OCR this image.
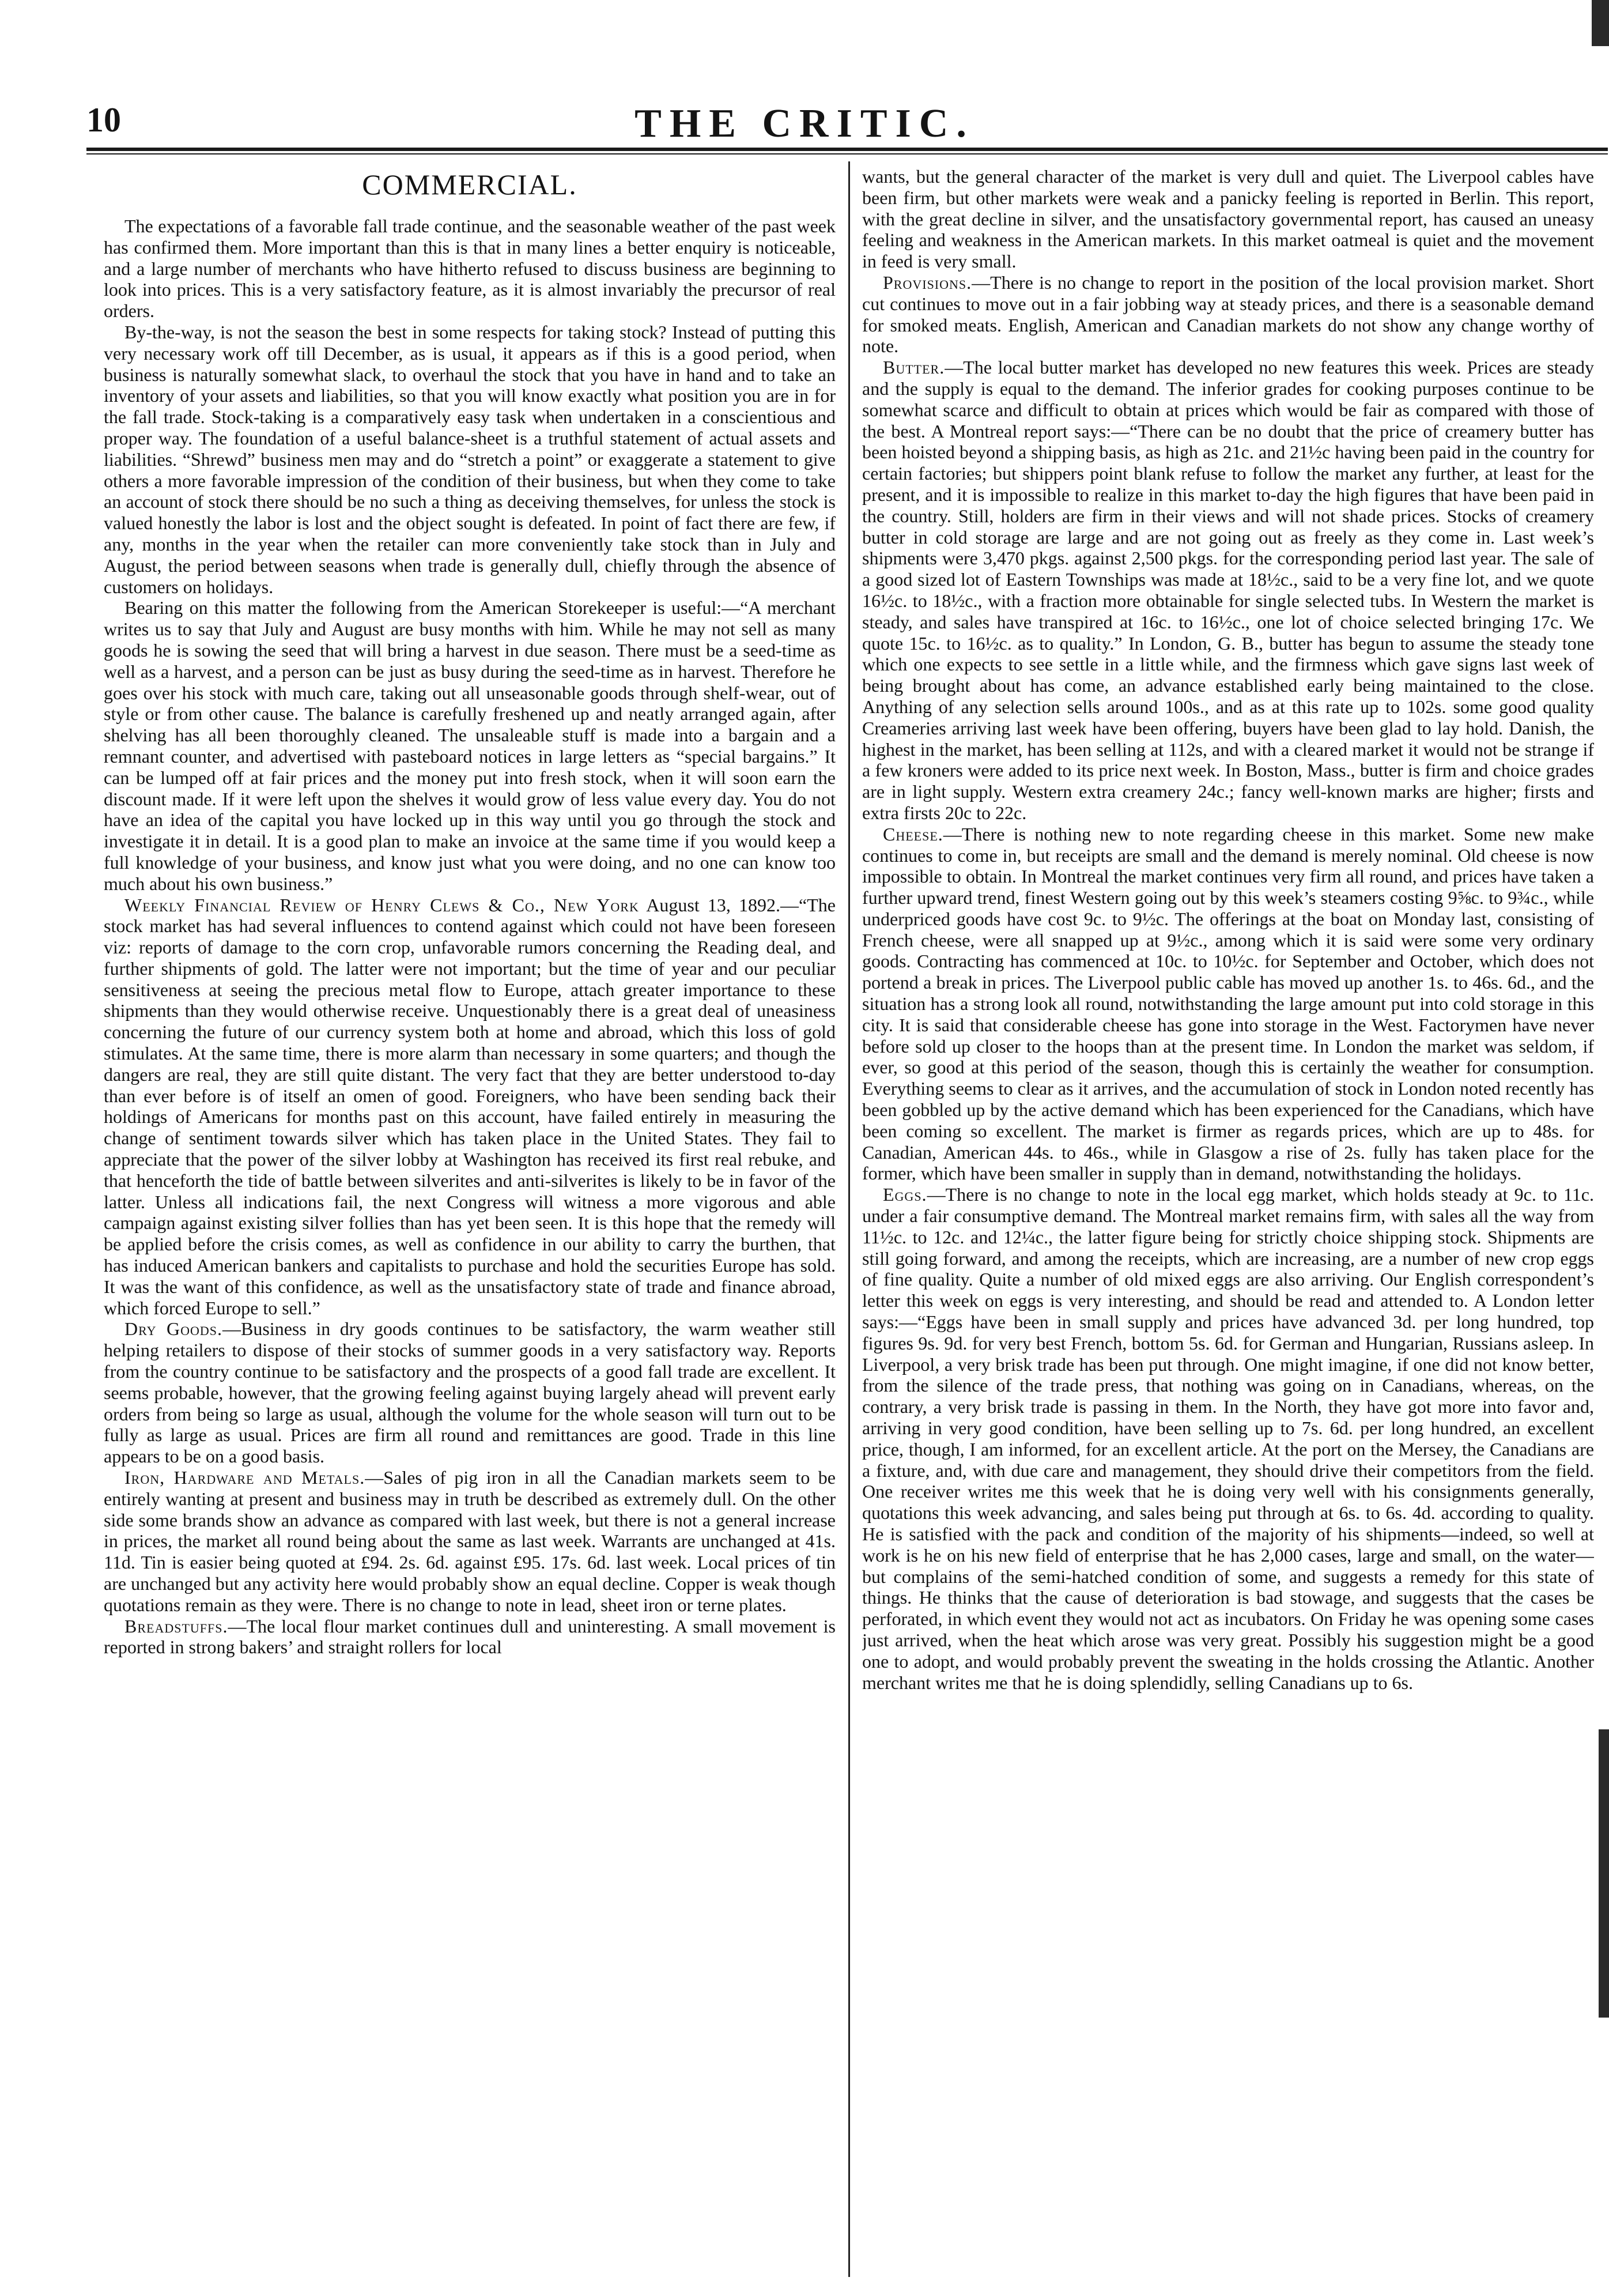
10	THE CRITIC.
COMMERCIAL.

The expectations of a favorable fall trade continue, and the seasonable weather of the past week has confirmed them. More important than this is that in many lines a better enquiry is noticeable, and a large number of merchants who have hitherto refused to discuss business are beginning to look into prices. This is a very satisfactory feature, as it is almost invariably the precursor of real orders.

By-the-way, is not the season the best in some respects for taking stock? Instead of putting this very necessary work off till December, as is usual, it appears as if this is a good period, when business is naturally somewhat slack, to overhaul the stock that you have in hand and to take an inventory of your assets and liabilities, so that you will know exactly what position you are in for the fall trade. Stock-taking is a comparatively easy task when undertaken in a conscientious and proper way. The foundation of a useful balance-sheet is a truthful statement of actual assets and liabilities. “Shrewd” business men may and do “stretch a point” or exaggerate a statement to give others a more favorable impression of the condition of their business, but when they come to take an account of stock there should be no such a thing as deceiving themselves, for unless the stock is valued honestly the labor is lost and the object sought is defeated. In point of fact there are few, if any, months in the year when the retailer can more conveniently take stock than in July and August, the period between seasons when trade is generally dull, chiefly through the absence of customers on holidays.

Bearing on this matter the following from the American Storekeeper is useful:—“A merchant writes us to say that July and August are busy months with him. While he may not sell as many goods he is sowing the seed that will bring a harvest in due season. There must be a seed-time as well as a harvest, and a person can be just as busy during the seed-time as in harvest. Therefore he goes over his stock with much care, taking out all unseasonable goods through shelf-wear, out of style or from other cause. The balance is carefully freshened up and neatly arranged again, after shelving has all been thoroughly cleaned. The unsaleable stuff is made into a bargain and a remnant counter, and advertised with pasteboard notices in large letters as “special bargains.” It can be lumped off at fair prices and the money put into fresh stock, when it will soon earn the discount made. If it were left upon the shelves it would grow of less value every day. You do not have an idea of the capital you have locked up in this way until you go through the stock and investigate it in detail. It is a good plan to make an invoice at the same time if you would keep a full knowledge of your business, and know just what you were doing, and no one can know too much about his own business.”

Weekly Financial Review of Henry Clews & Co., New York August 13, 1892.—“The stock market has had several influences to contend against which could not have been foreseen viz: reports of damage to the corn crop, unfavorable rumors concerning the Reading deal, and further shipments of gold. The latter were not important; but the time of year and our peculiar sensitiveness at seeing the precious metal flow to Europe, attach greater importance to these shipments than they would otherwise receive. Unquestionably there is a great deal of uneasiness concerning the future of our currency system both at home and abroad, which this loss of gold stimulates. At the same time, there is more alarm than necessary in some quarters; and though the dangers are real, they are still quite distant. The very fact that they are better understood to-day than ever before is of itself an omen of good. Foreigners, who have been sending back their holdings of Americans for months past on this account, have failed entirely in measuring the change of sentiment towards silver which has taken place in the United States. They fail to appreciate that the power of the silver lobby at Washington has received its first real rebuke, and that henceforth the tide of battle between silverites and anti-silverites is likely to be in favor of the latter. Unless all indications fail, the next Congress will witness a more vigorous and able campaign against existing silver follies than has yet been seen. It is this hope that the remedy will be applied before the crisis comes, as well as confidence in our ability to carry the burthen, that has induced American bankers and capitalists to purchase and hold the securities Europe has sold. It was the want of this confidence, as well as the unsatisfactory state of trade and finance abroad, which forced Europe to sell.”

Dry Goods.—Business in dry goods continues to be satisfactory, the warm weather still helping retailers to dispose of their stocks of summer goods in a very satisfactory way. Reports from the country continue to be satisfactory and the prospects of a good fall trade are excellent. It seems probable, however, that the growing feeling against buying largely ahead will prevent early orders from being so large as usual, although the volume for the whole season will turn out to be fully as large as usual. Prices are firm all round and remittances are good. Trade in this line appears to be on a good basis.

Iron, Hardware and Metals.—Sales of pig iron in all the Canadian markets seem to be entirely wanting at present and business may in truth be described as extremely dull. On the other side some brands show an advance as compared with last week, but there is not a general increase in prices, the market all round being about the same as last week. Warrants are unchanged at 41s. 11d. Tin is easier being quoted at £94. 2s. 6d. against £95. 17s. 6d. last week. Local prices of tin are unchanged but any activity here would probably show an equal decline. Copper is weak though quotations remain as they were. There is no change to note in lead, sheet iron or terne plates.

Breadstuffs.—The local flour market continues dull and uninteresting. A small movement is reported in strong bakers’ and straight rollers for local

wants, but the general character of the market is very dull and quiet. The Liverpool cables have been firm, but other markets were weak and a panicky feeling is reported in Berlin. This report, with the great decline in silver, and the unsatisfactory governmental report, has caused an uneasy feeling and weakness in the American markets. In this market oatmeal is quiet and the movement in feed is very small.

Provisions.—There is no change to report in the position of the local provision market. Short cut continues to move out in a fair jobbing way at steady prices, and there is a seasonable demand for smoked meats. English, American and Canadian markets do not show any change worthy of note.

Butter.—The local butter market has developed no new features this week. Prices are steady and the supply is equal to the demand. The inferior grades for cooking purposes continue to be somewhat scarce and difficult to obtain at prices which would be fair as compared with those of the best. A Montreal report says:—“There can be no doubt that the price of creamery butter has been hoisted beyond a shipping basis, as high as 21c. and 21½c having been paid in the country for certain factories; but shippers point blank refuse to follow the market any further, at least for the present, and it is impossible to realize in this market to-day the high figures that have been paid in the country. Still, holders are firm in their views and will not shade prices. Stocks of creamery butter in cold storage are large and are not going out as freely as they come in. Last week’s shipments were 3,470 pkgs. against 2,500 pkgs. for the corresponding period last year. The sale of a good sized lot of Eastern Townships was made at 18½c., said to be a very fine lot, and we quote 16½c. to 18½c., with a fraction more obtainable for single selected tubs. In Western the market is steady, and sales have transpired at 16c. to 16½c., one lot of choice selected bringing 17c. We quote 15c. to 16½c. as to quality.” In London, G. B., butter has begun to assume the steady tone which one expects to see settle in a little while, and the firmness which gave signs last week of being brought about has come, an advance established early being maintained to the close. Anything of any selection sells around 100s., and as at this rate up to 102s. some good quality Creameries arriving last week have been offering, buyers have been glad to lay hold. Danish, the highest in the market, has been selling at 112s, and with a cleared market it would not be strange if a few kroners were added to its price next week. In Boston, Mass., butter is firm and choice grades are in light supply. Western extra creamery 24c.; fancy well-known marks are higher; firsts and extra firsts 20c to 22c.

Cheese.—There is nothing new to note regarding cheese in this market. Some new make continues to come in, but receipts are small and the demand is merely nominal. Old cheese is now impossible to obtain. In Montreal the market continues very firm all round, and prices have taken a further upward trend, finest Western going out by this week’s steamers costing 9⅝c. to 9¾c., while underpriced goods have cost 9c. to 9½c. The offerings at the boat on Monday last, consisting of French cheese, were all snapped up at 9½c., among which it is said were some very ordinary goods. Contracting has commenced at 10c. to 10½c. for September and October, which does not portend a break in prices. The Liverpool public cable has moved up another 1s. to 46s. 6d., and the situation has a strong look all round, notwithstanding the large amount put into cold storage in this city. It is said that considerable cheese has gone into storage in the West. Factorymen have never before sold up closer to the hoops than at the present time. In London the market was seldom, if ever, so good at this period of the season, though this is certainly the weather for consumption. Everything seems to clear as it arrives, and the accumulation of stock in London noted recently has been gobbled up by the active demand which has been experienced for the Canadians, which have been coming so excellent. The market is firmer as regards prices, which are up to 48s. for Canadian, American 44s. to 46s., while in Glasgow a rise of 2s. fully has taken place for the former, which have been smaller in supply than in demand, notwithstanding the holidays.

Eggs.—There is no change to note in the local egg market, which holds steady at 9c. to 11c. under a fair consumptive demand. The Montreal market remains firm, with sales all the way from 11½c. to 12c. and 12¼c., the latter figure being for strictly choice shipping stock. Shipments are still going forward, and among the receipts, which are increasing, are a number of new crop eggs of fine quality. Quite a number of old mixed eggs are also arriving. Our English correspondent’s letter this week on eggs is very interesting, and should be read and attended to. A London letter says:—“Eggs have been in small supply and prices have advanced 3d. per long hundred, top figures 9s. 9d. for very best French, bottom 5s. 6d. for German and Hungarian, Russians asleep. In Liverpool, a very brisk trade has been put through. One might imagine, if one did not know better, from the silence of the trade press, that nothing was going on in Canadians, whereas, on the contrary, a very brisk trade is passing in them. In the North, they have got more into favor and, arriving in very good condition, have been selling up to 7s. 6d. per long hundred, an excellent price, though, I am informed, for an excellent article. At the port on the Mersey, the Canadians are a fixture, and, with due care and management, they should drive their competitors from the field. One receiver writes me this week that he is doing very well with his consignments generally, quotations this week advancing, and sales being put through at 6s. to 6s. 4d. according to quality. He is satisfied with the pack and condition of the majority of his shipments—indeed, so well at work is he on his new field of enterprise that he has 2,000 cases, large and small, on the water—but complains of the semi-hatched condition of some, and suggests a remedy for this state of things. He thinks that the cause of deterioration is bad stowage, and suggests that the cases be perforated, in which event they would not act as incubators. On Friday he was opening some cases just arrived, when the heat which arose was very great. Possibly his suggestion might be a good one to adopt, and would probably prevent the sweating in the holds crossing the Atlantic. Another merchant writes me that he is doing splendidly, selling Canadians up to 6s.
